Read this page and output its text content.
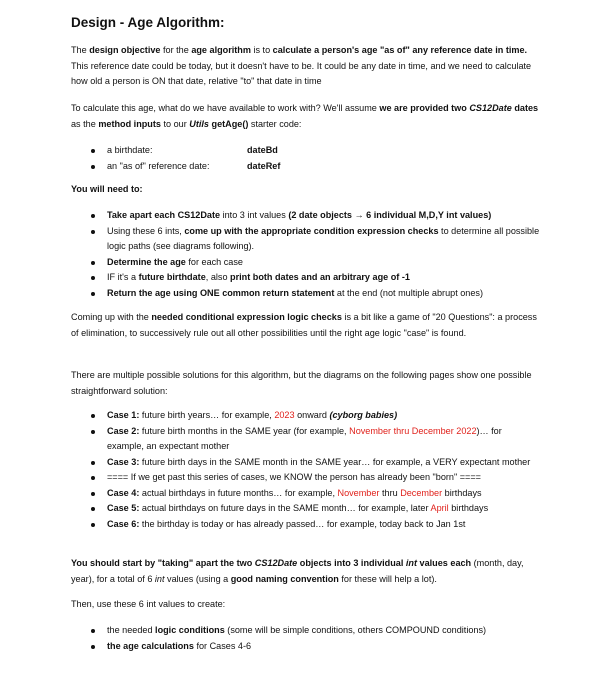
Design - Age Algorithm:

The design objective for the age algorithm is to calculate a person's age "as of" any reference date in time. This reference date could be today, but it doesn't have to be. It could be any date in time, and we need to calculate how old a person is ON that date, relative "to" that date in time

To calculate this age, what do we have available to work with? We'll assume we are provided two CS12Date dates as the method inputs to our Utils getAge() starter code:

a birthdate:	dateBd
an "as of" reference date:	dateRef

You will need to:

Take apart each CS12Date into 3 int values (2 date objects → 6 individual M,D,Y int values)
Using these 6 ints, come up with the appropriate condition expression checks to determine all possible logic paths (see diagrams following).
Determine the age for each case
IF it's a future birthdate, also print both dates and an arbitrary age of -1
Return the age using ONE common return statement at the end (not multiple abrupt ones)

Coming up with the needed conditional expression logic checks is a bit like a game of "20 Questions": a process of elimination, to successively rule out all other possibilities until the right age logic "case" is found.

There are multiple possible solutions for this algorithm, but the diagrams on the following pages show one possible straightforward solution:

Case 1: future birth years… for example, 2023 onward (cyborg babies)
Case 2: future birth months in the SAME year (for example, November thru December 2022)… for example, an expectant mother
Case 3: future birth days in the SAME month in the SAME year… for example, a VERY expectant mother
==== If we get past this series of cases, we KNOW the person has already been "born" ====
Case 4: actual birthdays in future months… for example, November thru December birthdays
Case 5: actual birthdays on future days in the SAME month… for example, later April birthdays
Case 6: the birthday is today or has already passed… for example, today back to Jan 1st

You should start by "taking" apart the two CS12Date objects into 3 individual int values each (month, day, year), for a total of 6 int values (using a good naming convention for these will help a lot).

Then, use these 6 int values to create:

the needed logic conditions (some will be simple conditions, others COMPOUND conditions)
the age calculations for Cases 4-6
